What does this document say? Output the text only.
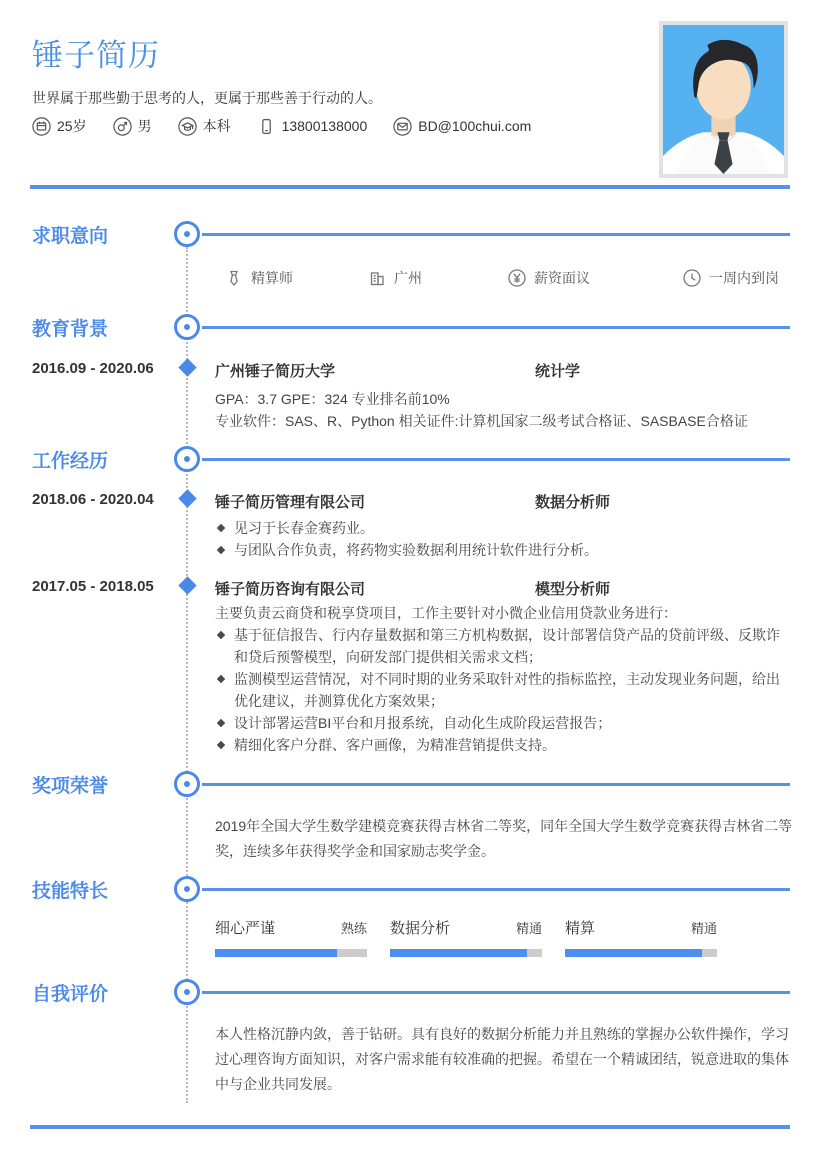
锤子简历
世界属于那些勤于思考的人，更属于那些善于行动的人。
25岁	男	本科	13800138000	BD@100chui.com
求职意向
精算师	广州	薪资面议	一周内到岗
教育背景
2016.09 - 2020.06	广州锤子简历大学	统计学
GPA：3.7 GPE：324 专业排名前10%
专业软件：SAS、R、Python 相关证件:计算机国家二级考试合格证、SASBASE合格证
工作经历
2018.06 - 2020.04	锤子简历管理有限公司	数据分析师
见习于长春金赛药业。
与团队合作负责，将药物实验数据利用统计软件进行分析。
2017.05 - 2018.05	锤子简历咨询有限公司	模型分析师
主要负责云商贷和税享贷项目，工作主要针对小微企业信用贷款业务进行：
基于征信报告、行内存量数据和第三方机构数据，设计部署信贷产品的贷前评级、反欺诈和贷后预警模型，向研发部门提供相关需求文档；
监测模型运营情况，对不同时期的业务采取针对性的指标监控，主动发现业务问题，给出优化建议，并测算优化方案效果；
设计部署运营BI平台和月报系统，自动化生成阶段运营报告；
精细化客户分群、客户画像，为精准营销提供支持。
奖项荣誉
2019年全国大学生数学建模竞赛获得吉林省二等奖，同年全国大学生数学竞赛获得吉林省二等奖，连续多年获得奖学金和国家励志奖学金。
技能特长
细心严谨	熟练 数据分析	精通 精算	精通
自我评价
本人性格沉静内敛，善于钻研。具有良好的数据分析能力并且熟练的掌握办公软件操作，学习过心理咨询方面知识，对客户需求能有较准确的把握。希望在一个精诚团结，锐意进取的集体中与企业共同发展。
